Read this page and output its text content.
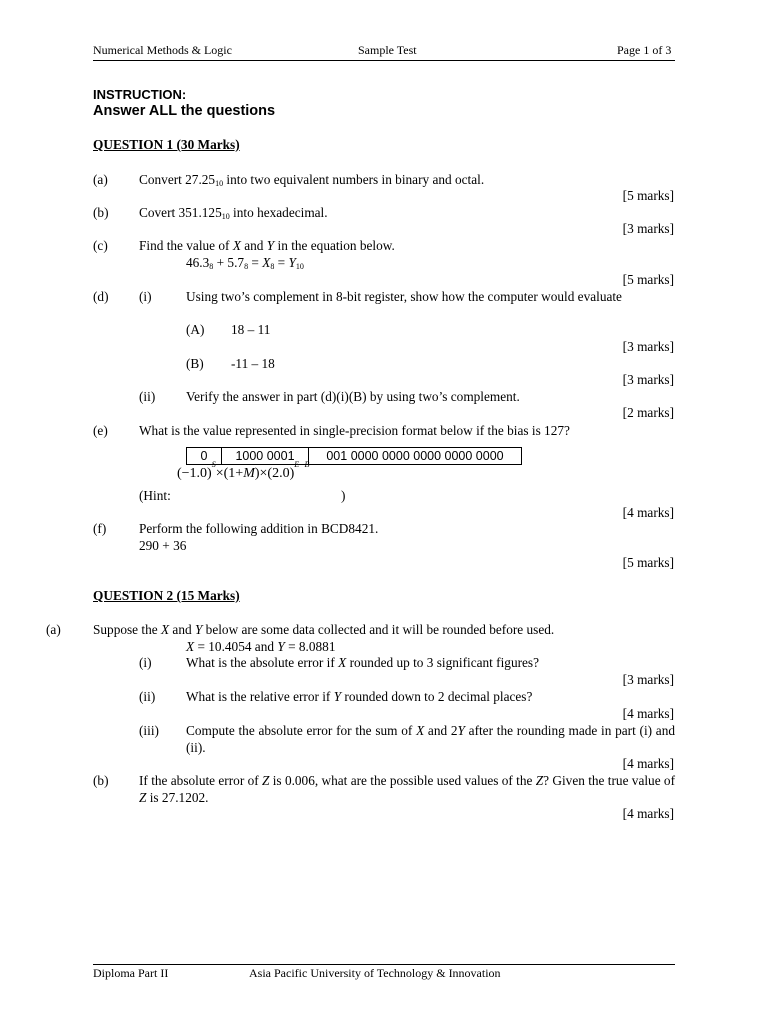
Numerical Methods & Logic	Sample Test	Page 1 of 3
INSTRUCTION:
Answer ALL the questions
QUESTION 1 (30 Marks)
(a) Convert $27.25_{10}$ into two equivalent numbers in binary and octal.
[5 marks]
(b) Covert $351.125_{10}$ into hexadecimal.
[3 marks]
(c) Find the value of X and Y in the equation below.
$46.3_8 + 5.7_8 = X_8 = Y_{10}$
[5 marks]
(d) (i)	Using two’s complement in 8-bit register, show how the computer would evaluate
(A) 18 – 11
[3 marks]
(B) -11 – 18
[3 marks]
(ii) Verify the answer in part (d)(i)(B) by using two’s complement.
[2 marks]
(e) What is the value represented in single-precision format below if the bias is 127?
0	1000 0001	001 0000 0000 0000 0000 0000
$(-1.0)^S\times(1+M)\times(2.0)^{E-B}$
(Hint:	)
[4 marks]
(f) Perform the following addition in BCD8421.
290 + 36
[5 marks]
QUESTION 2 (15 Marks)
(a) Suppose the X and Y below are some data collected and it will be rounded before used.
X = 10.4054 and Y = 8.0881
(i)	What is the absolute error if X rounded up to 3 significant figures?
[3 marks]
(ii) What is the relative error if Y rounded down to 2 decimal places?
[4 marks]
(iii) Compute the absolute error for the sum of X and 2Y after the rounding made in part (i) and (ii).
[4 marks]
(b) If the absolute error of Z is 0.006, what are the possible used values of the Z? Given the true value of Z is 27.1202.
[4 marks]
Diploma Part II	Asia Pacific University of Technology & Innovation
